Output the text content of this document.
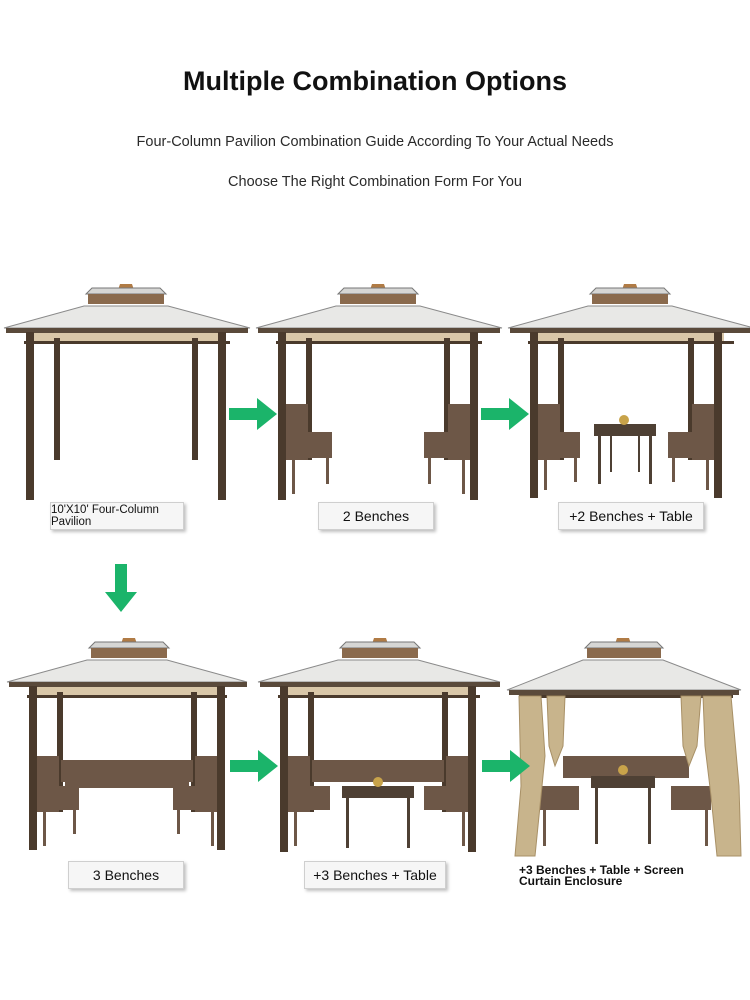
Multiple Combination Options
Four-Column Pavilion Combination Guide According To Your Actual Needs
Choose The Right Combination Form For You
10'X10' Four-Column Pavilion	2 Benches	+2 Benches + Table
3 Benches	+3 Benches + Table	+3 Benches + Table + Screen Curtain Enclosure
